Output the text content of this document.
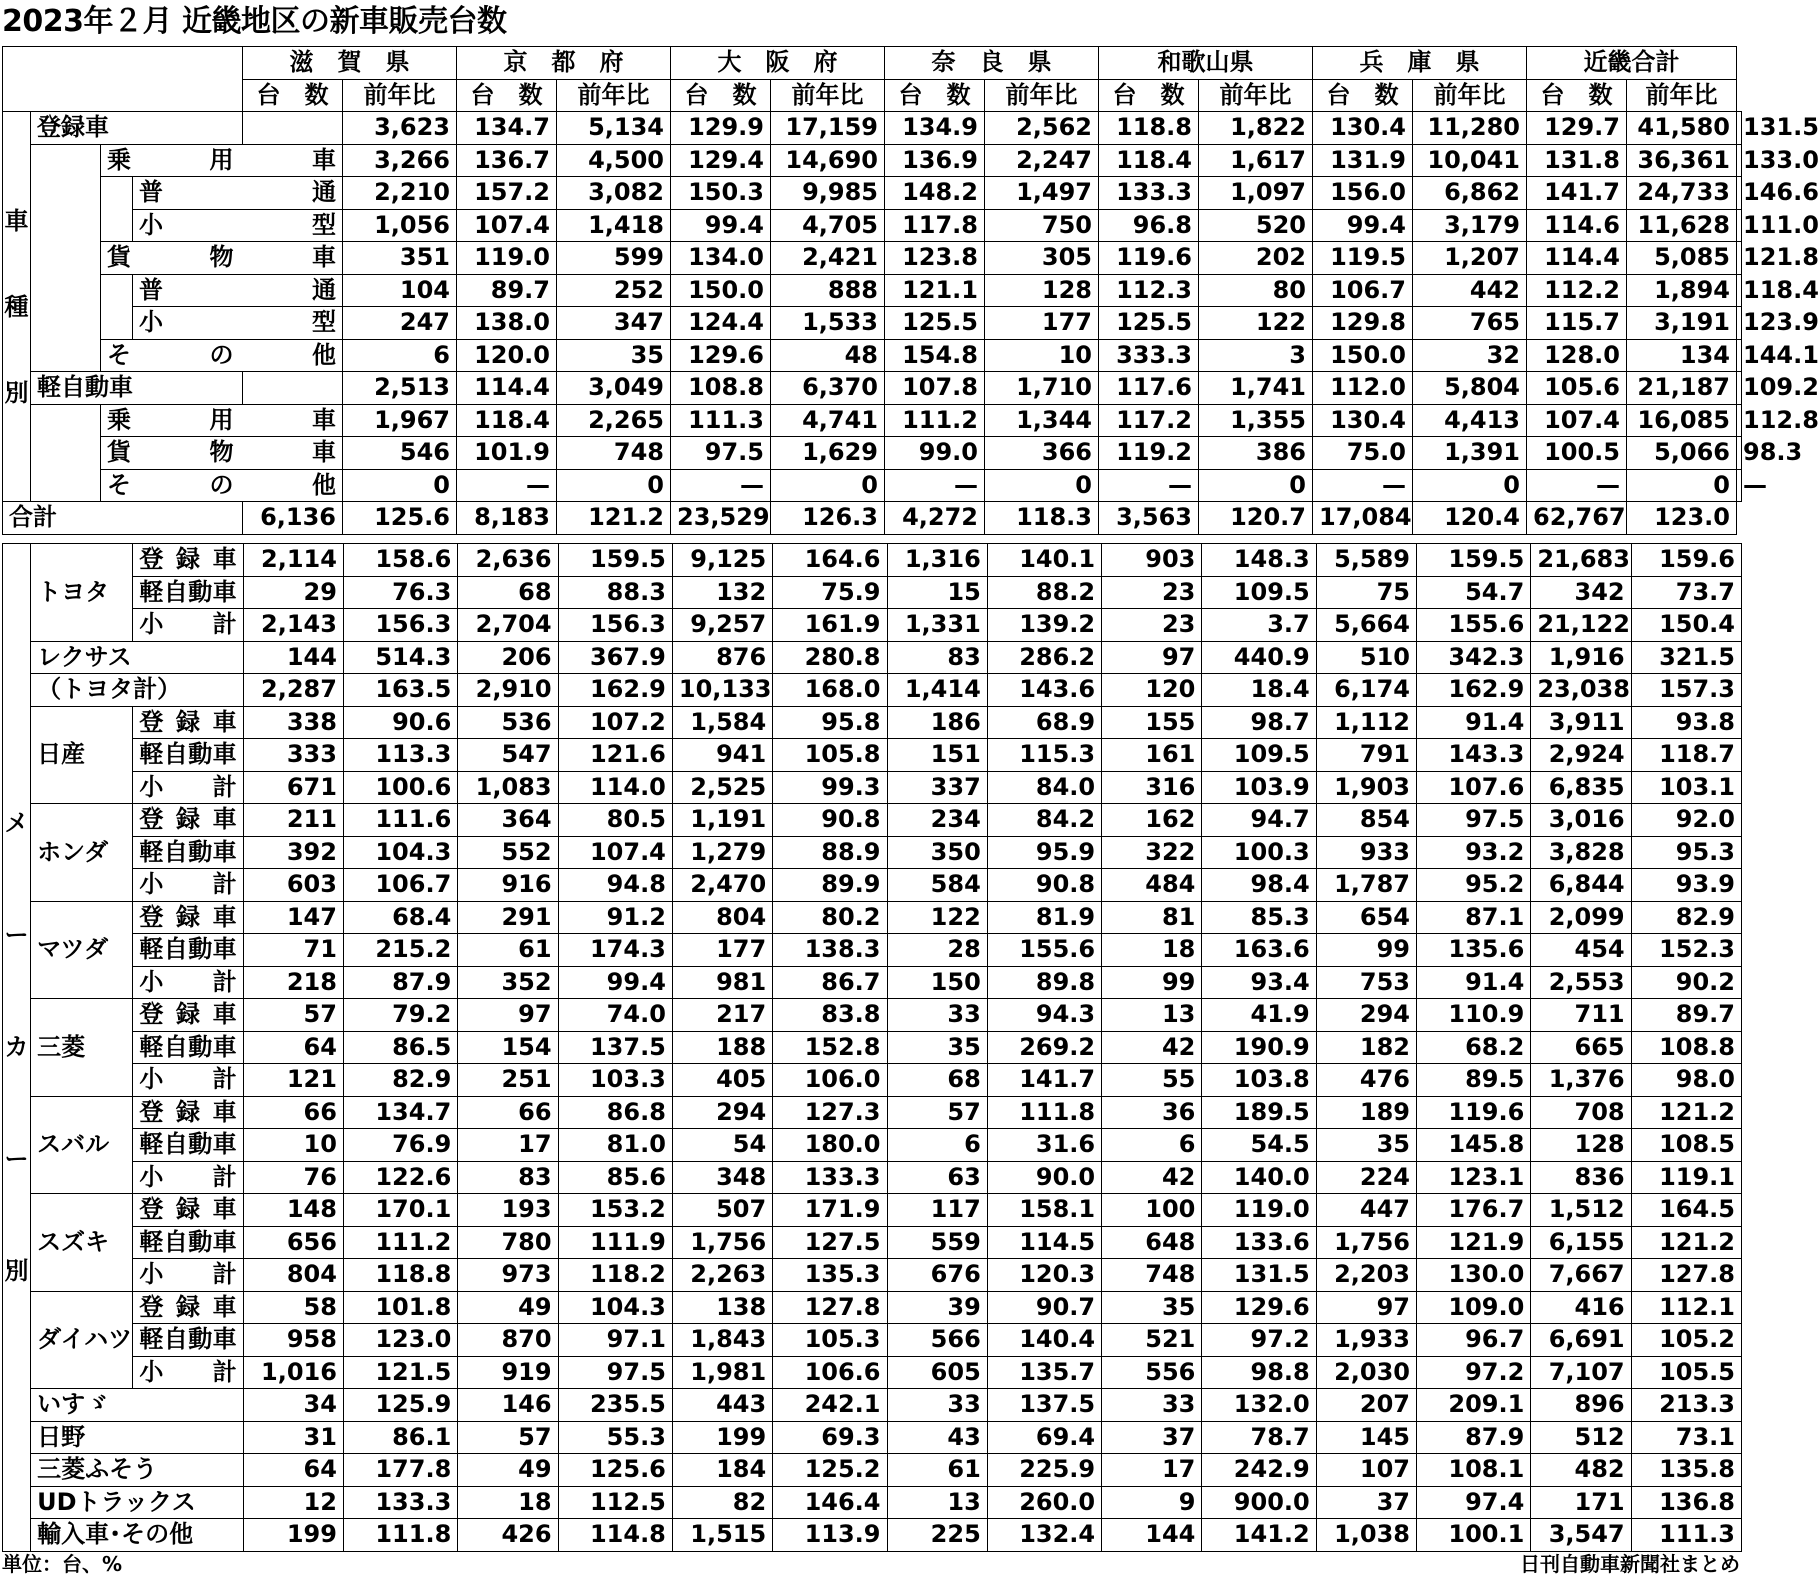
2023年２月 近畿地区の新車販売台数
				滋　賀　県		京　都　府		大　阪　府		奈　良　県		和歌山県		兵　庫　県		近畿合計		
				台　数	前年比	台　数	前年比	台　数	前年比	台　数	前年比	台　数	前年比	台　数	前年比	台　数	前年比	

車
種
別	登録車				3,623	134.7	5,134	129.9	17,159	134.9	2,562	118.8	1,822	130.4	11,280	129.7	41,580	131.5
		乗　用　車			3,266	136.7	4,500	129.4	14,690	136.9	2,247	118.4	1,617	131.9	10,041	131.8	36,361	133.0
			普　通		2,210	157.2	3,082	150.3	9,985	148.2	1,497	133.3	1,097	156.0	6,862	141.7	24,733	146.6
			小　型		1,056	107.4	1,418	99.4	4,705	117.8	750	96.8	520	99.4	3,179	114.6	11,628	111.0
		貨　物　車			351	119.0	599	134.0	2,421	123.8	305	119.6	202	119.5	1,207	114.4	5,085	121.8
			普　通		104	89.7	252	150.0	888	121.1	128	112.3	80	106.7	442	112.2	1,894	118.4
			小　型		247	138.0	347	124.4	1,533	125.5	177	125.5	122	129.8	765	115.7	3,191	123.9
		そ　の　他			6	120.0	35	129.6	48	154.8	10	333.3	3	150.0	32	128.0	134	144.1
	軽自動車				2,513	114.4	3,049	108.8	6,370	107.8	1,710	117.6	1,741	112.0	5,804	105.6	21,187	109.2
		乗　用　車			1,967	118.4	2,265	111.3	4,741	111.2	1,344	117.2	1,355	130.4	4,413	107.4	16,085	112.8
		貨　物　車			546	101.9	748	97.5	1,629	99.0	366	119.2	386	75.0	1,391	100.5	5,066	98.3
		そ　の　他			0	—	0	—	0	—	0	—	0	—	0	—	0	—
合計				6,136	125.6	8,183	121.2	23,529	126.3	4,272	118.3	3,563	120.7	17,084	120.4	62,767	123.0	
メ
ー
カ
ー
別	トヨタ	登録車	2,114	158.6	2,636	159.5	9,125	164.6	1,316	140.1	903	148.3	5,589	159.5	21,683	159.6
		軽自動車	29	76.3	68	88.3	132	75.9	15	88.2	23	109.5	75	54.7	342	73.7
		小　計	2,143	156.3	2,704	156.3	9,257	161.9	1,331	139.2	23	3.7	5,664	155.6	21,122	150.4
	レクサス		144	514.3	206	367.9	876	280.8	83	286.2	97	440.9	510	342.3	1,916	321.5
	（トヨタ計）		2,287	163.5	2,910	162.9	10,133	168.0	1,414	143.6	120	18.4	6,174	162.9	23,038	157.3
	日産	登録車	338	90.6	536	107.2	1,584	95.8	186	68.9	155	98.7	1,112	91.4	3,911	93.8
		軽自動車	333	113.3	547	121.6	941	105.8	151	115.3	161	109.5	791	143.3	2,924	118.7
		小　計	671	100.6	1,083	114.0	2,525	99.3	337	84.0	316	103.9	1,903	107.6	6,835	103.1
	ホンダ	登録車	211	111.6	364	80.5	1,191	90.8	234	84.2	162	94.7	854	97.5	3,016	92.0
		軽自動車	392	104.3	552	107.4	1,279	88.9	350	95.9	322	100.3	933	93.2	3,828	95.3
		小　計	603	106.7	916	94.8	2,470	89.9	584	90.8	484	98.4	1,787	95.2	6,844	93.9
	マツダ	登録車	147	68.4	291	91.2	804	80.2	122	81.9	81	85.3	654	87.1	2,099	82.9
		軽自動車	71	215.2	61	174.3	177	138.3	28	155.6	18	163.6	99	135.6	454	152.3
		小　計	218	87.9	352	99.4	981	86.7	150	89.8	99	93.4	753	91.4	2,553	90.2
	三菱	登録車	57	79.2	97	74.0	217	83.8	33	94.3	13	41.9	294	110.9	711	89.7
		軽自動車	64	86.5	154	137.5	188	152.8	35	269.2	42	190.9	182	68.2	665	108.8
		小　計	121	82.9	251	103.3	405	106.0	68	141.7	55	103.8	476	89.5	1,376	98.0
	スバル	登録車	66	134.7	66	86.8	294	127.3	57	111.8	36	189.5	189	119.6	708	121.2
		軽自動車	10	76.9	17	81.0	54	180.0	6	31.6	6	54.5	35	145.8	128	108.5
		小　計	76	122.6	83	85.6	348	133.3	63	90.0	42	140.0	224	123.1	836	119.1
	スズキ	登録車	148	170.1	193	153.2	507	171.9	117	158.1	100	119.0	447	176.7	1,512	164.5
		軽自動車	656	111.2	780	111.9	1,756	127.5	559	114.5	648	133.6	1,756	121.9	6,155	121.2
		小　計	804	118.8	973	118.2	2,263	135.3	676	120.3	748	131.5	2,203	130.0	7,667	127.8
	ダイハツ	登録車	58	101.8	49	104.3	138	127.8	39	90.7	35	129.6	97	109.0	416	112.1
		軽自動車	958	123.0	870	97.1	1,843	105.3	566	140.4	521	97.2	1,933	96.7	6,691	105.2
		小　計	1,016	121.5	919	97.5	1,981	106.6	605	135.7	556	98.8	2,030	97.2	7,107	105.5
	いすゞ		34	125.9	146	235.5	443	242.1	33	137.5	33	132.0	207	209.1	896	213.3
	日野		31	86.1	57	55.3	199	69.3	43	69.4	37	78.7	145	87.9	512	73.1
	三菱ふそう		64	177.8	49	125.6	184	125.2	61	225.9	17	242.9	107	108.1	482	135.8
	UDトラックス		12	133.3	18	112.5	82	146.4	13	260.0	9	900.0	37	97.4	171	136.8
	輸入車･その他		199	111.8	426	114.8	1,515	113.9	225	132.4	144	141.2	1,038	100.1	3,547	111.3
単位：台、%	日刊自動車新聞社まとめ
